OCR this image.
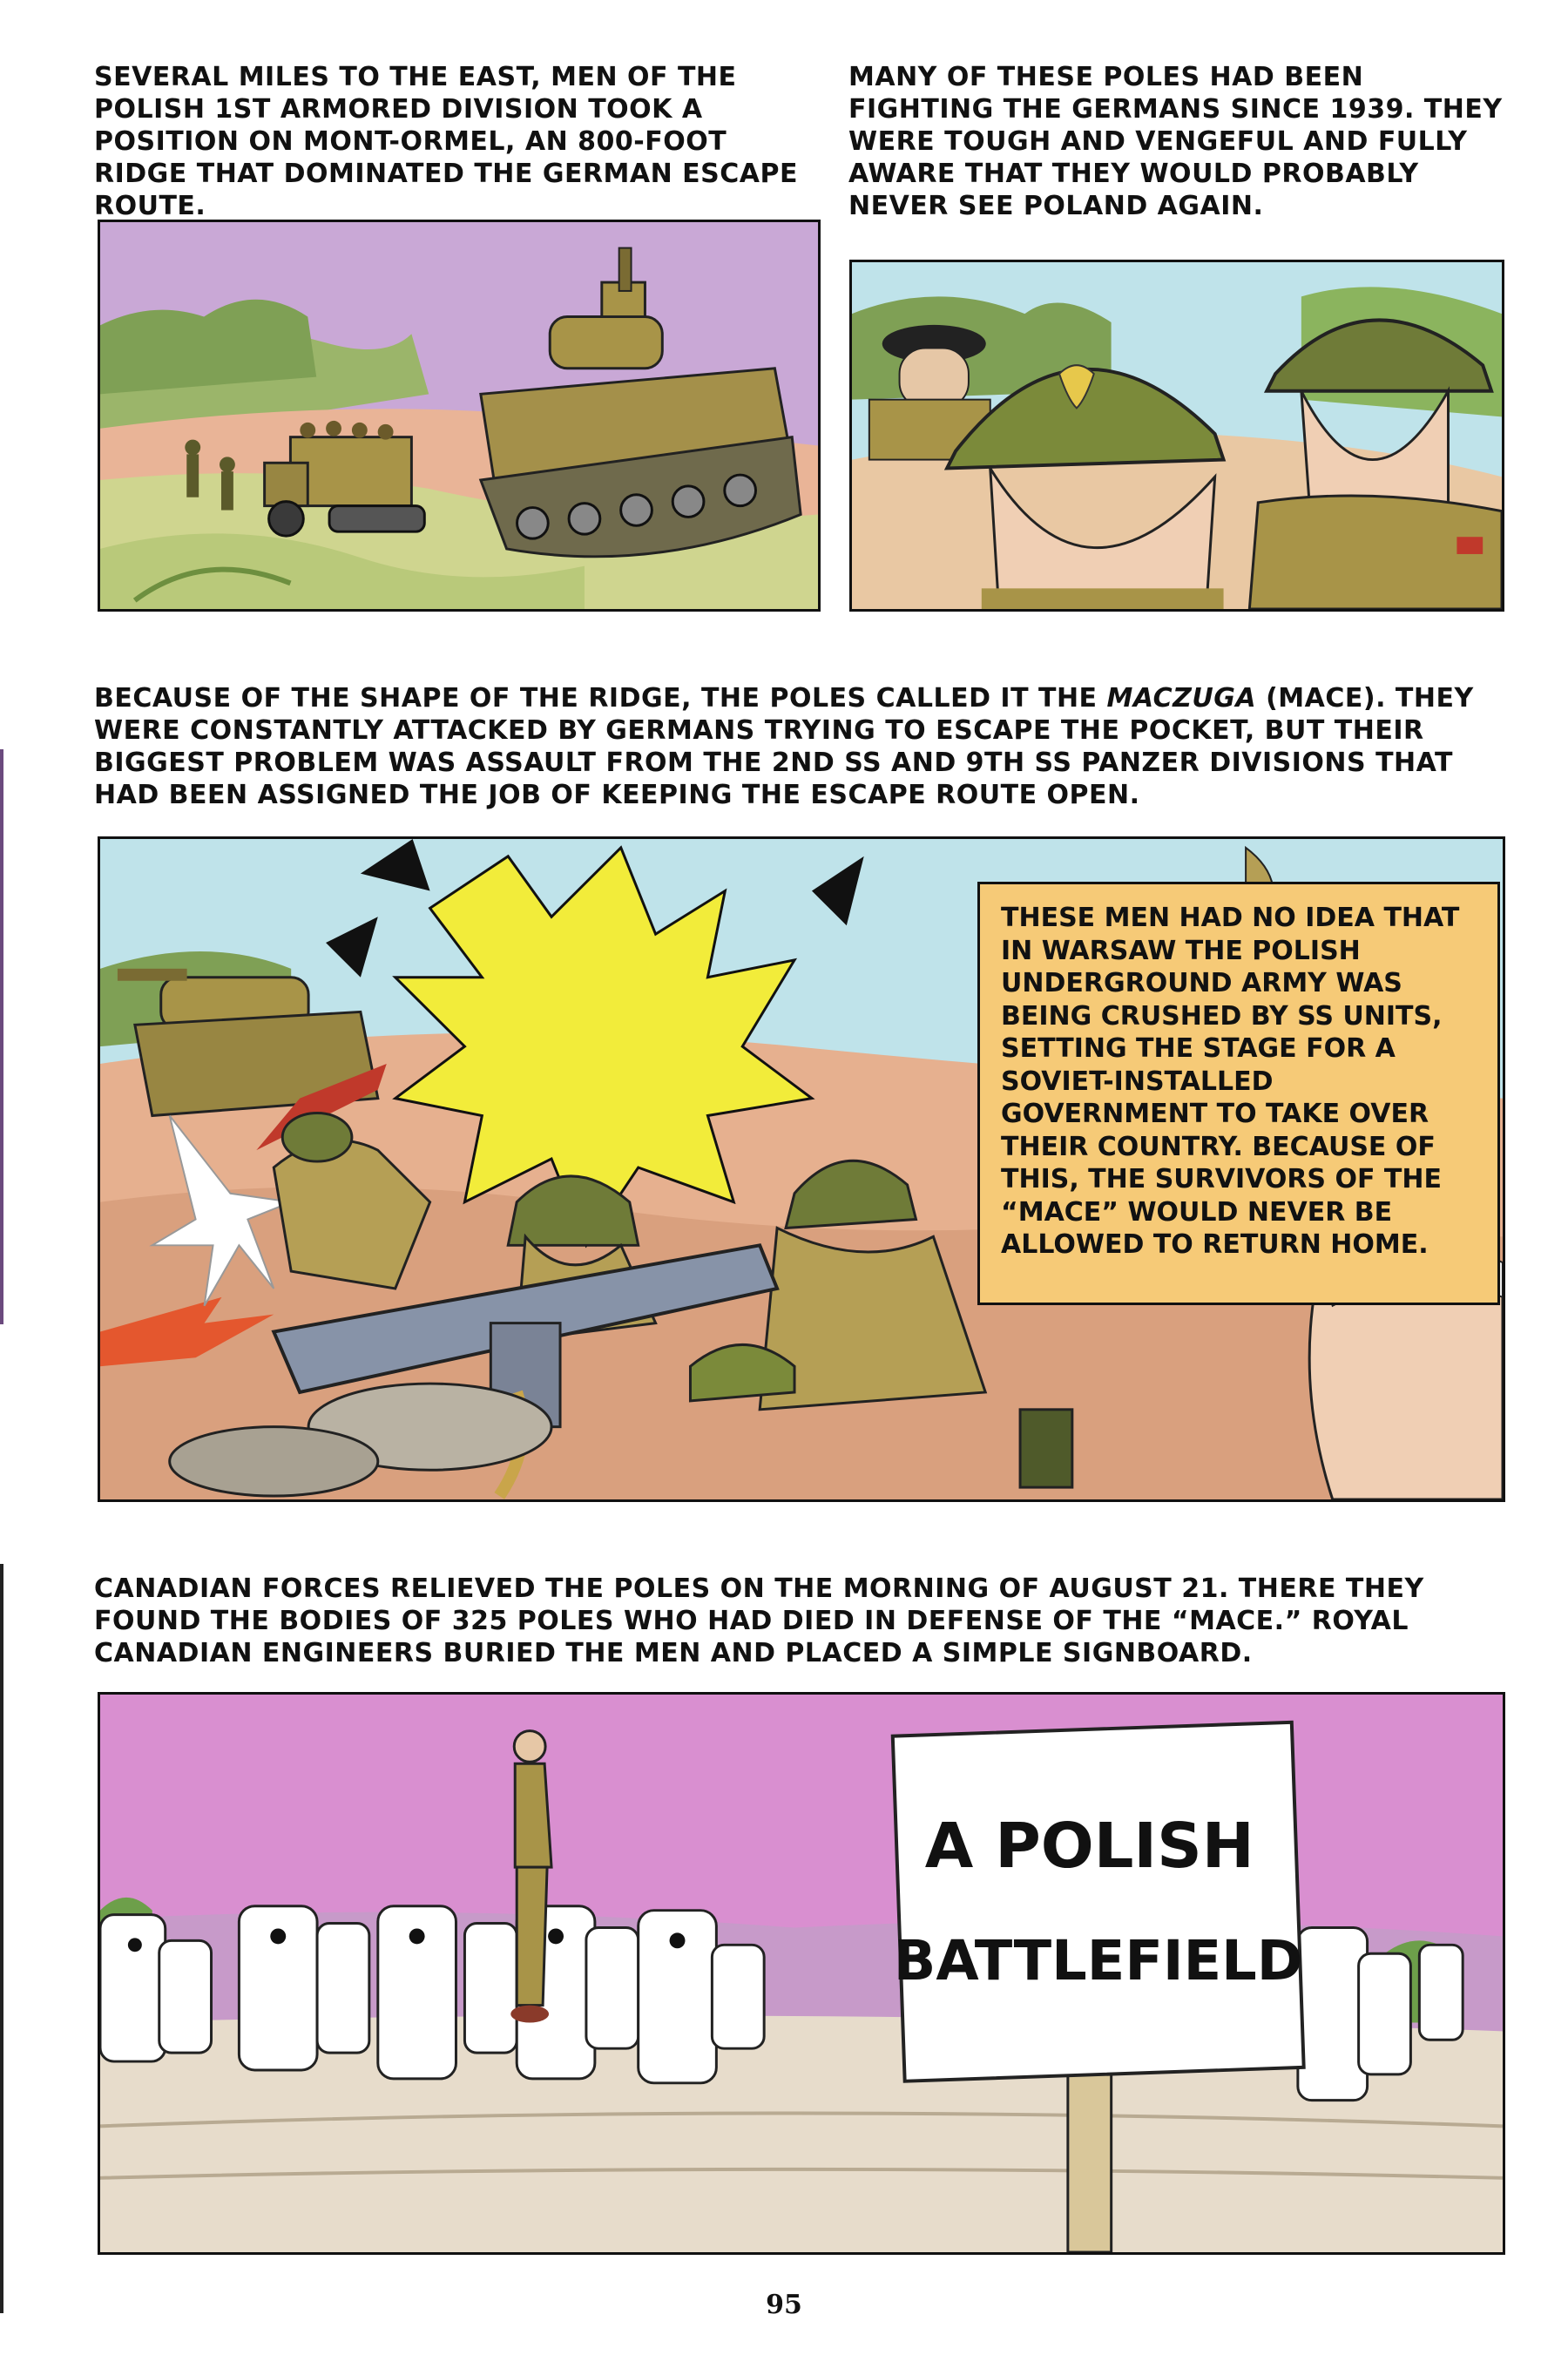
SEVERAL MILES TO THE EAST, MEN OF THE POLISH 1ST ARMORED DIVISION TOOK A POSITION ON MONT-ORMEL, AN 800-FOOT RIDGE THAT DOMINATED THE GERMAN ESCAPE ROUTE.

MANY OF THESE POLES HAD BEEN FIGHTING THE GERMANS SINCE 1939. THEY WERE TOUGH AND VENGEFUL AND FULLY AWARE THAT THEY WOULD PROBABLY NEVER SEE POLAND AGAIN.

BECAUSE OF THE SHAPE OF THE RIDGE, THE POLES CALLED IT THE MACZUGA (MACE). THEY WERE CONSTANTLY ATTACKED BY GERMANS TRYING TO ESCAPE THE POCKET, BUT THEIR BIGGEST PROBLEM WAS ASSAULT FROM THE 2ND SS AND 9TH SS PANZER DIVISIONS THAT HAD BEEN ASSIGNED THE JOB OF KEEPING THE ESCAPE ROUTE OPEN.

THESE MEN HAD NO IDEA THAT IN WARSAW THE POLISH UNDERGROUND ARMY WAS BEING CRUSHED BY SS UNITS, SETTING THE STAGE FOR A SOVIET-INSTALLED GOVERNMENT TO TAKE OVER THEIR COUNTRY. BECAUSE OF THIS, THE SURVIVORS OF THE “MACE” WOULD NEVER BE ALLOWED TO RETURN HOME.

CANADIAN FORCES RELIEVED THE POLES ON THE MORNING OF AUGUST 21. THERE THEY FOUND THE BODIES OF 325 POLES WHO HAD DIED IN DEFENSE OF THE “MACE.” ROYAL CANADIAN ENGINEERS BURIED THE MEN AND PLACED A SIMPLE SIGNBOARD.

A POLISH
BATTLEFIELD
95
